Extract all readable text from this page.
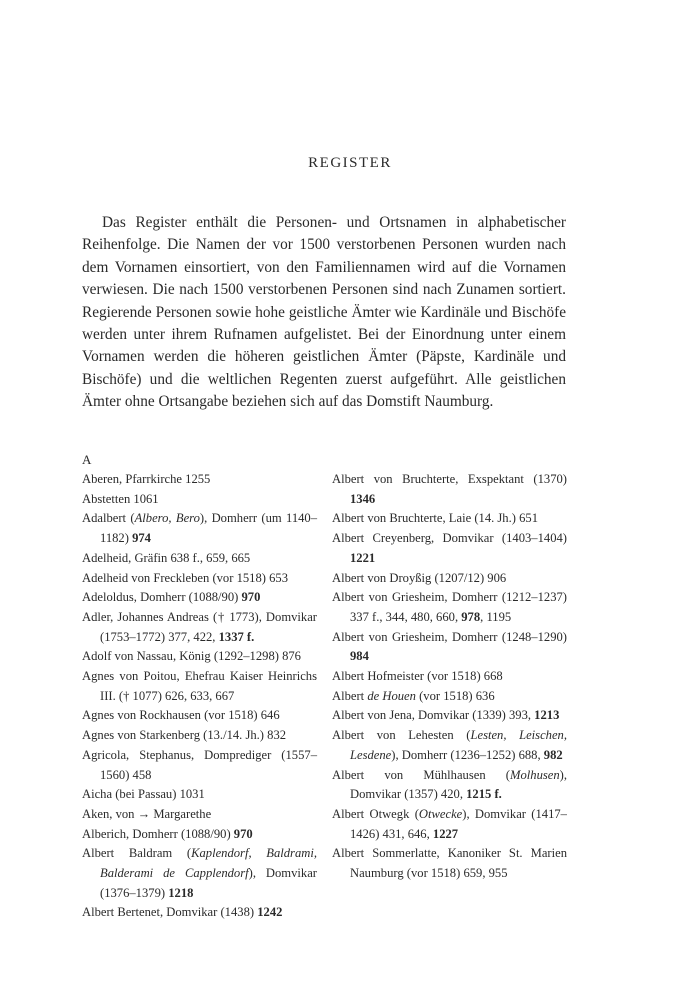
REGISTER

Das Register enthält die Personen- und Ortsnamen in alphabetischer Reihenfolge. Die Namen der vor 1500 verstorbenen Personen wurden nach dem Vornamen einsortiert, von den Familiennamen wird auf die Vornamen verwiesen. Die nach 1500 verstorbenen Personen sind nach Zunamen sortiert. Regierende Personen sowie hohe geistliche Ämter wie Kardinäle und Bischöfe werden unter ihrem Rufnamen aufgelistet. Bei der Einordnung unter einem Vornamen werden die höheren geistlichen Ämter (Päpste, Kardinäle und Bischöfe) und die weltlichen Regenten zuerst aufgeführt. Alle geistlichen Ämter ohne Ortsangabe beziehen sich auf das Domstift Naumburg.

A
Aberen, Pfarrkirche 1255
Abstetten 1061
Adalbert (Albero, Bero), Domherr (um 1140–1182) 974
Adelheid, Gräfin 638 f., 659, 665
Adelheid von Freckleben (vor 1518) 653
Adeloldus, Domherr (1088/90) 970
Adler, Johannes Andreas († 1773), Domvikar (1753–1772) 377, 422, 1337 f.
Adolf von Nassau, König (1292–1298) 876
Agnes von Poitou, Ehefrau Kaiser Heinrichs III. († 1077) 626, 633, 667
Agnes von Rockhausen (vor 1518) 646
Agnes von Starkenberg (13./14. Jh.) 832
Agricola, Stephanus, Domprediger (1557–1560) 458
Aicha (bei Passau) 1031
Aken, von → Margarethe
Alberich, Domherr (1088/90) 970
Albert Baldram (Kaplendorf, Baldrami, Balderami de Capplendorf), Domvikar (1376–1379) 1218
Albert Bertenet, Domvikar (1438) 1242
Albert von Bruchterte, Exspektant (1370) 1346
Albert von Bruchterte, Laie (14. Jh.) 651
Albert Creyenberg, Domvikar (1403–1404) 1221
Albert von Droyßig (1207/12) 906
Albert von Griesheim, Domherr (1212–1237) 337 f., 344, 480, 660, 978, 1195
Albert von Griesheim, Domherr (1248–1290) 984
Albert Hofmeister (vor 1518) 668
Albert de Houen (vor 1518) 636
Albert von Jena, Domvikar (1339) 393, 1213
Albert von Lehesten (Lesten, Leischen, Lesdene), Domherr (1236–1252) 688, 982
Albert von Mühlhausen (Molhusen), Domvikar (1357) 420, 1215 f.
Albert Otwegk (Otwecke), Domvikar (1417–1426) 431, 646, 1227
Albert Sommerlatte, Kanoniker St. Marien Naumburg (vor 1518) 659, 955
